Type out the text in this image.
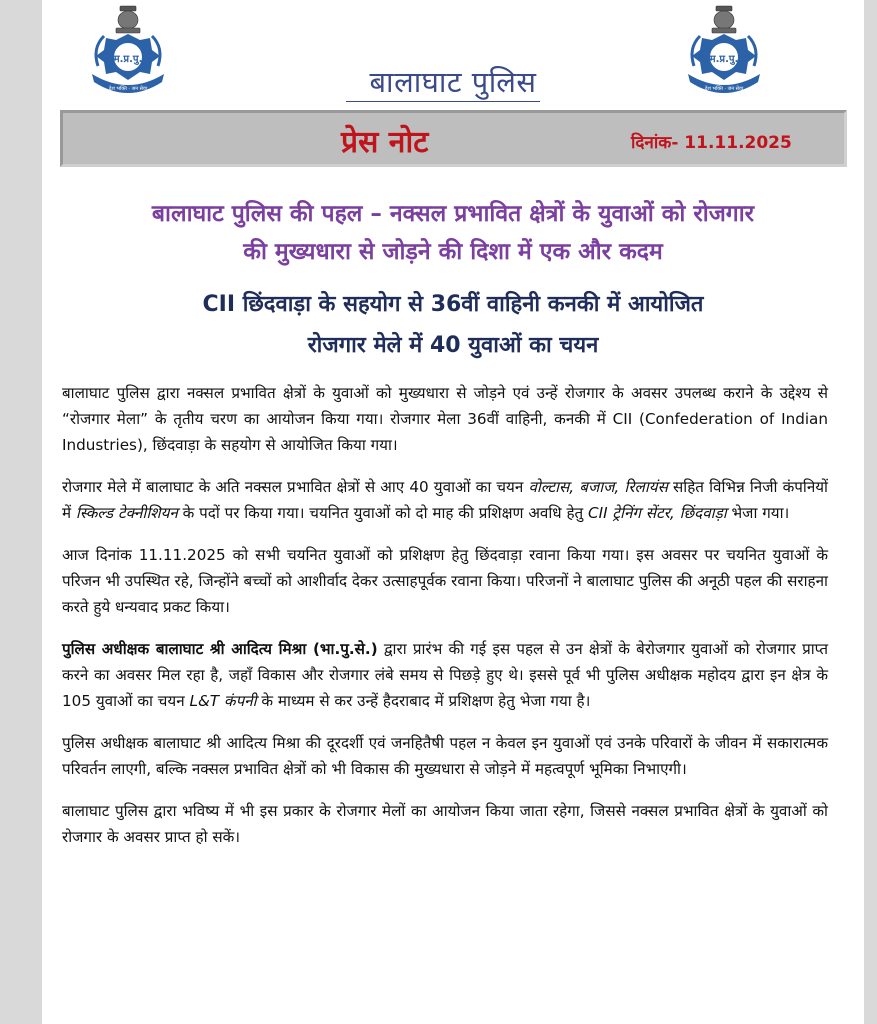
म.प्र.पु.
देश भक्ति · जन सेवा
म.प्र.पु.
देश भक्ति · जन सेवा
बालाघाट पुलिस
प्रेस नोट	दिनांक- 11.11.2025
बालाघाट पुलिस की पहल – नक्सल प्रभावित क्षेत्रों के युवाओं को रोजगार
की मुख्यधारा से जोड़ने की दिशा में एक और कदम
CII छिंदवाड़ा के सहयोग से 36वीं वाहिनी कनकी में आयोजित
रोजगार मेले में 40 युवाओं का चयन

बालाघाट पुलिस द्वारा नक्सल प्रभावित क्षेत्रों के युवाओं को मुख्यधारा से जोड़ने एवं उन्हें रोजगार के अवसर उपलब्ध कराने के उद्देश्य से “रोजगार मेला” के तृतीय चरण का आयोजन किया गया। रोजगार मेला 36वीं वाहिनी, कनकी में CII (Confederation of Indian Industries), छिंदवाड़ा के सहयोग से आयोजित किया गया।

रोजगार मेले में बालाघाट के अति नक्सल प्रभावित क्षेत्रों से आए 40 युवाओं का चयन वोल्टास, बजाज, रिलायंस सहित विभिन्न निजी कंपनियों में स्किल्ड टेक्नीशियन के पदों पर किया गया। चयनित युवाओं को दो माह की प्रशिक्षण अवधि हेतु CII ट्रेनिंग सेंटर, छिंदवाड़ा भेजा गया।

आज दिनांक 11.11.2025 को सभी चयनित युवाओं को प्रशिक्षण हेतु छिंदवाड़ा रवाना किया गया। इस अवसर पर चयनित युवाओं के परिजन भी उपस्थित रहे, जिन्होंने बच्चों को आशीर्वाद देकर उत्साहपूर्वक रवाना किया। परिजनों ने बालाघाट पुलिस की अनूठी पहल की सराहना करते हुये धन्यवाद प्रकट किया।

पुलिस अधीक्षक बालाघाट श्री आदित्य मिश्रा (भा.पु.से.) द्वारा प्रारंभ की गई इस पहल से उन क्षेत्रों के बेरोजगार युवाओं को रोजगार प्राप्त करने का अवसर मिल रहा है, जहाँ विकास और रोजगार लंबे समय से पिछड़े हुए थे। इससे पूर्व भी पुलिस अधीक्षक महोदय द्वारा इन क्षेत्र के 105 युवाओं का चयन L&T कंपनी के माध्यम से कर उन्हें हैदराबाद में प्रशिक्षण हेतु भेजा गया है।

पुलिस अधीक्षक बालाघाट श्री आदित्य मिश्रा की दूरदर्शी एवं जनहितैषी पहल न केवल इन युवाओं एवं उनके परिवारों के जीवन में सकारात्मक परिवर्तन लाएगी, बल्कि नक्सल प्रभावित क्षेत्रों को भी विकास की मुख्यधारा से जोड़ने में महत्वपूर्ण भूमिका निभाएगी।

बालाघाट पुलिस द्वारा भविष्य में भी इस प्रकार के रोजगार मेलों का आयोजन किया जाता रहेगा, जिससे नक्सल प्रभावित क्षेत्रों के युवाओं को रोजगार के अवसर प्राप्त हो सकें।
